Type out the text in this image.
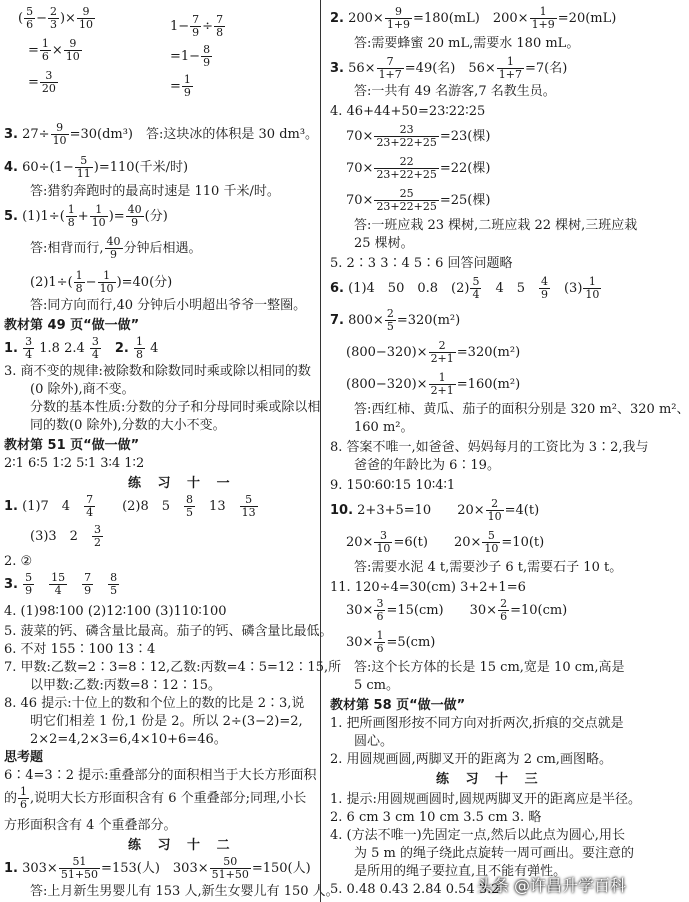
( $\frac{5}{6} - \frac{2}{3}$ )× $\frac{9}{10}$	$1- \frac{7}{9} \div \frac{7}{8}$
= $\frac{1}{6} \times \frac{9}{10}$	$=1- \frac{8}{9}$
= $\frac{3}{20}$	= $\frac{1}{9}$
3. $27\div \frac{9}{10} =30(dm^3)$　答:这块冰的体积是 30 dm³。
4. $60\div(1- \frac{5}{11} )=110$(千米/时)
答:猎豹奔跑时的最高时速是 110 千米/时。
5. $(1)1\div( \frac{1}{8} + \frac{1}{10}$ )= $\frac{40}{9}$ (分)
答:相背而行, $\frac{40}{9}$ 分钟后相遇。
$(2)1\div( \frac{1}{8} - \frac{1}{10} )=40$(分)
答:同方向而行,40 分钟后小明超出爷爷一整圈。
教材第 49 页“做一做”
1. $\frac{3}{4} 1.8$ $2.4 \frac{3}{4}$
　 2. $\frac{1}{8} 4$
3. 商不变的规律:被除数和除数同时乘或除以相同的数
(0 除外),商不变。
分数的基本性质:分数的分子和分母同时乘或除以相
同的数(0 除外),分数的大小不变。
教材第 51 页“做一做”
2∶1 6∶5 1∶2 5∶1 3∶4 1∶2
练 习 十 一
1. (1)7　4　 $\frac{7}{4}$ 　　(2)8　5　 $\frac{8}{5}$ 　13　 $\frac{5}{13}$
(3)3　2　 $\frac{3}{2}$
2. ②
3. $\frac{5}{9}$
　 $\frac{15}{4}$
　 $\frac{7}{9}$
　 $\frac{8}{5}$
4. (1)98∶100 (2)12∶100 (3)110∶100
5. 菠菜的钙、磷含量比最高。茄子的钙、磷含量比最低。
6. 不对 155∶100 13∶4
7. 甲数:乙数=2∶3=8∶12,乙数:丙数=4∶5=12∶15,所
以甲数:乙数:丙数=8∶12∶15。
8. 46 提示:十位上的数和个位上的数的比是 2∶3,说
明它们相差 1 份,1 份是 2。所以 2÷(3−2)=2,
2×2=4,2×3=6,4×10+6=46。
思考题
6∶4=3∶2 提示:重叠部分的面积相当于大长方形面积
的 $\frac{1}{6}$ ,说明大长方形面积含有 6 个重叠部分;同理,小长
方形面积含有 4 个重叠部分。
练 习 十 二
1. $303\times \frac{51}{51+50} =153$(人)　$303\times \frac{50}{51+50} =150$(人)
答:上月新生男婴儿有 153 人,新生女婴儿有 150 人。
2. $200\times \frac{9}{1+9} =180(mL)$　$200\times \frac{1}{1+9} =20(mL)$
答:需要蜂蜜 20 mL,需要水 180 mL。
3. $56\times \frac{7}{1+7} =49$(名)　$56\times \frac{1}{1+7} =7$(名)
答:一共有 49 名游客,7 名教生员。
4. 46+44+50=23∶22∶25
$70\times \frac{23}{23+22+25} =23$(棵)
$70\times \frac{22}{23+22+25} =22$(棵)
$70\times \frac{25}{23+22+25} =25$(棵)
答:一班应栽 23 棵树,二班应栽 22 棵树,三班应栽
25 棵树。
5. 2∶3 3∶4 5∶6 回答问题略
6. (1)4　50　0.8　$(2) \frac{5}{4}$ 　4　5　 $\frac{4}{9}$ 　$(3) \frac{1}{10}$
7. $800\times \frac{2}{5} =320(m^2)$
$(800-320)\times \frac{2}{2+1} =320(m^2)$
$(800-320)\times \frac{1}{2+1} =160(m^2)$
答:西红柿、黄瓜、茄子的面积分别是 320 m²、320 m²、
160 m²。
8. 答案不唯一,如爸爸、妈妈每月的工资比为 3∶2,我与
爸爸的年龄比为 6∶19。
9. 150∶60∶15 10∶4∶1
10. 2+3+5=10　　$20\times \frac{2}{10} =4(t)$
$20\times \frac{3}{10} =6(t)$　　$20\times \frac{5}{10} =10(t)$
答:需要水泥 4 t,需要沙子 6 t,需要石子 10 t。
11. 120÷4=30(cm) 3+2+1=6
$30\times \frac{3}{6} =15(cm)$　　$30\times \frac{2}{6} =10(cm)$
$30\times \frac{1}{6} =5(cm)$
答:这个长方体的长是 15 cm,宽是 10 cm,高是
5 cm。
教材第 58 页“做一做”
1. 把所画图形按不同方向对折两次,折痕的交点就是
圆心。
2. 用圆规画圆,两脚叉开的距离为 2 cm,画图略。
练 习 十 三
1. 提示:用圆规画圆时,圆规两脚叉开的距离应是半径。
2. 6 cm 3 cm 10 cm 3.5 cm 3. 略
4. (方法不唯一)先固定一点,然后以此点为圆心,用长
为 5 m 的绳子绕此点旋转一周可画出。要注意的
是所用的绳子要拉直,且不能有弹性。
5. 0.48 0.43 2.84 0.54 3.2
头条 @许昌升学百科
